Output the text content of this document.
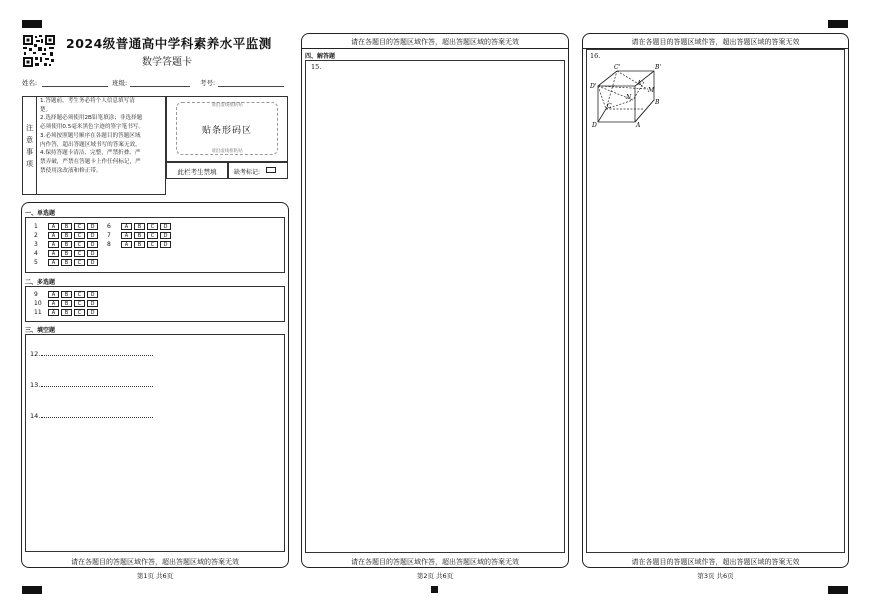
2024级普通高中学科素养水平监测
数学答题卡
姓名:	班级:	考号:
注
意
事
项
1.答题前，考生务必将个人信息填写清
楚。
2.选择题必须使用2B铅笔填涂；非选择题
必须使用0.5毫米黑色字迹的签字笔书写。
3.必须按照题号顺序在各题目的答题区域
内作答，超出答题区域书写的答案无效。
4.保持答题卡清洁、完整，严禁折叠、严
禁弄破，严禁在答题卡上作任何标记，严
禁使用涂改液和修正带。
请沿虚线框粘贴
贴条形码区
请沿虚线框粘贴
此栏考生禁填	缺考标记:
一、单选题
1	A	B	C	D
2	A	B	C	D
3	A	B	C	D
4	A	B	C	D
5	A	B	C	D
6	A	B	C	D
7	A	B	C	D
8	A	B	C	D
二、多选题
9	A	B	C	D
10	A	B	C	D
11	A	B	C	D
三、填空题
12.
13.
14.
请在各题目的答题区域作答，超出答题区域的答案无效
第1页 共6页
请在各题目的答题区域作答，超出答题区域的答案无效
四、解答题
15.
请在各题目的答题区域作答，超出答题区域的答案无效
第2页 共6页
请在各题目的答题区域作答，超出答题区域的答案无效
16.
C'	B'
D'	A'
M
N
C
B
D	A
请在各题目的答题区域作答，超出答题区域的答案无效
第3页 共6页
